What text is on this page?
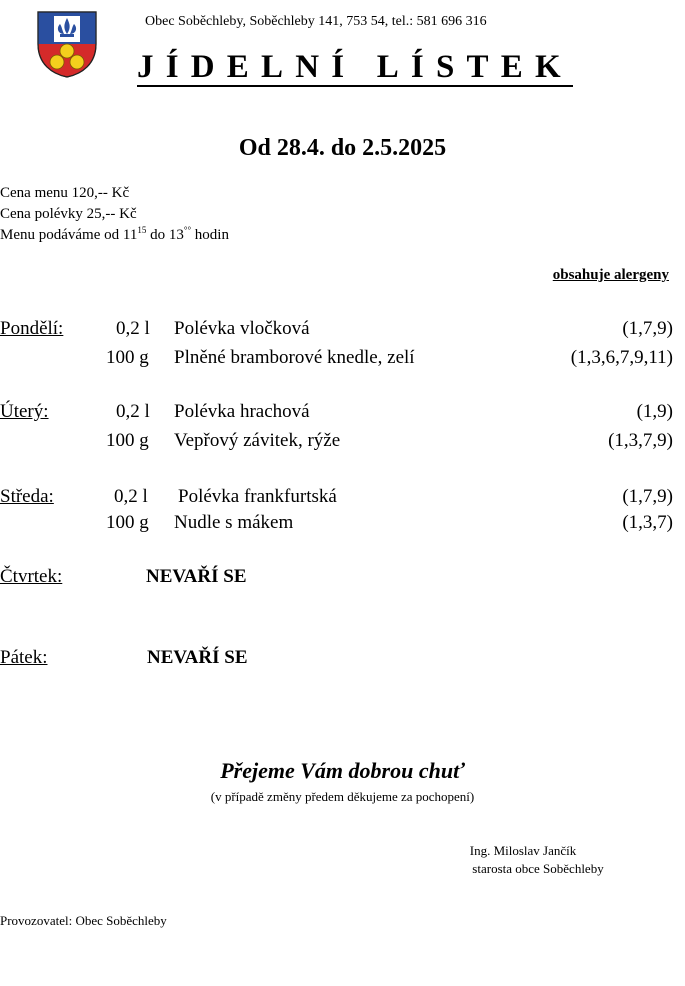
Obec Soběchleby, Soběchleby 141, 753 54, tel.: 581 696 316
JÍDELNÍ LÍSTEK
Od 28.4. do 2.5.2025
Cena menu 120,-- Kč
Cena polévky 25,-- Kč
Menu podáváme od $11^{15}$ do 13°° hodin
obsahuje alergeny
Pondělí:	0,2 l Polévka vločková	(1,7,9)
100 g Plněné bramborové knedle, zelí	(1,3,6,7,9,11)
Úterý:	0,2 l Polévka hrachová	(1,9)
100 g Vepřový závitek, rýže	(1,3,7,9)
Středa:	0,2 l Polévka frankfurtská	(1,7,9)
100 g Nudle s mákem	(1,3,7)
Čtvrtek:	NEVAŘÍ SE
Pátek:	NEVAŘÍ SE
Přejeme Vám dobrou chuť
(v případě změny předem děkujeme za pochopení)
Ing. Miloslav Jančík
starosta obce Soběchleby
Provozovatel: Obec Soběchleby
